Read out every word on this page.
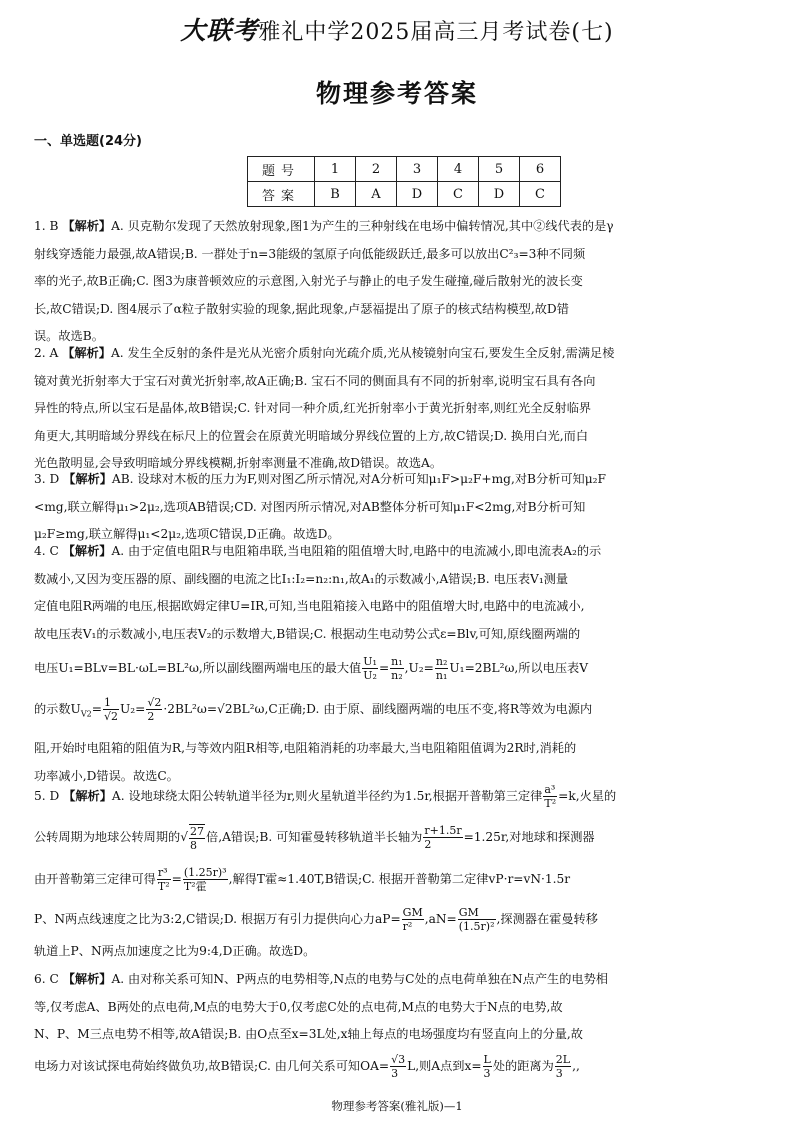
大联考雅礼中学2025届高三月考试卷(七)
物理参考答案
一、单选题(24分)
题号	1	2	3	4	5	6
答案	B	A	D	C	D	C

1. B 【解析】A. 贝克勒尔发现了天然放射现象,图1为产生的三种射线在电场中偏转情况,其中②线代表的是γ

射线穿透能力最强,故A错误;B. 一群处于n=3能级的氢原子向低能级跃迁,最多可以放出C²₃=3种不同频

率的光子,故B正确;C. 图3为康普顿效应的示意图,入射光子与静止的电子发生碰撞,碰后散射光的波长变

长,故C错误;D. 图4展示了α粒子散射实验的现象,据此现象,卢瑟福提出了原子的核式结构模型,故D错

误。故选B。

2. A 【解析】A. 发生全反射的条件是光从光密介质射向光疏介质,光从棱镜射向宝石,要发生全反射,需满足棱

镜对黄光折射率大于宝石对黄光折射率,故A正确;B. 宝石不同的侧面具有不同的折射率,说明宝石具有各向

异性的特点,所以宝石是晶体,故B错误;C. 针对同一种介质,红光折射率小于黄光折射率,则红光全反射临界

角更大,其明暗域分界线在标尺上的位置会在原黄光明暗域分界线位置的上方,故C错误;D. 换用白光,而白

光色散明显,会导致明暗域分界线模糊,折射率测量不准确,故D错误。故选A。

3. D 【解析】AB. 设球对木板的压力为F,则对图乙所示情况,对A分析可知μ₁F>μ₂F+mg,对B分析可知μ₂F

<mg,联立解得μ₁>2μ₂,选项AB错误;CD. 对图丙所示情况,对AB整体分析可知μ₁F<2mg,对B分析可知

μ₂F≥mg,联立解得μ₁<2μ₂,选项C错误,D正确。故选D。

4. C 【解析】A. 由于定值电阻R与电阻箱串联,当电阻箱的阻值增大时,电路中的电流减小,即电流表A₂的示

数减小,又因为变压器的原、副线圈的电流之比I₁:I₂=n₂:n₁,故A₁的示数减小,A错误;B. 电压表V₁测量

定值电阻R两端的电压,根据欧姆定律U=IR,可知,当电阻箱接入电路中的阻值增大时,电路中的电流减小,

故电压表V₁的示数减小,电压表V₂的示数增大,B错误;C. 根据动生电动势公式ε=Blv,可知,原线圈两端的

电压U₁=BLv=BL·ωL=BL²ω,所以副线圈两端电压的最大值 $\frac{\text{U₁}}{\text{U₂}} = \frac{\text{n₁}}{\text{n₂}} ,U_2= \frac{\text{n₂}}{\text{n₁}} U_1=2BL^2\omega$,所以电压表V

的示数$U_{V2}= \frac{1}{√2} U_2= \frac{√2}{2} \cdot 2BL^2\omega=√2BL^2\omega,C$正确;D. 由于原、副线圈两端的电压不变,将R等效为电源内

阻,开始时电阻箱的阻值为R,与等效内阻R相等,电阻箱消耗的功率最大,当电阻箱阻值调为2R时,消耗的

功率减小,D错误。故选C。

5. D 【解析】A. 设地球绕太阳公转轨道半径为r,则火星轨道半径约为1.5r,根据开普勒第三定律 $\frac{\text{a³}}{\text{T²}} =k$,火星的

公转周期为地球公转周期的√ $\frac{27}{8}$ 倍,A错误;B. 可知霍曼转移轨道半长轴为 $\frac{r+1.5r}{2} =1.25r$,对地球和探测器

由开普勒第三定律可得 $\frac{\text{r³}}{\text{T²}} = \frac{\text{(1.25r)³}}{\text{T²霍}}$ ,解得T霍≈1.40T,B错误;C. 根据开普勒第二定律vP·r=vN·1.5r

P、N两点线速度之比为3:2,C错误;D. 根据万有引力提供向心力$aP= \frac{GM}{\text{r²}} ,aN= \frac{GM}{\text{(1.5r)²}}$ ,探测器在霍曼转移

轨道上P、N两点加速度之比为9:4,D正确。故选D。

6. C 【解析】A. 由对称关系可知N、P两点的电势相等,N点的电势与C处的点电荷单独在N点产生的电势相

等,仅考虑A、B两处的点电荷,M点的电势大于0,仅考虑C处的点电荷,M点的电势大于N点的电势,故

N、P、M三点电势不相等,故A错误;B. 由O点至x=3L处,x轴上每点的电场强度均有竖直向上的分量,故

电场力对该试探电荷始终做负功,故B错误;C. 由几何关系可知$OA= \frac{√3}{3} L$,则A点到$x= \frac{L}{3}$ 处的距离为 $\frac{2L}{3}$ ,,

物理参考答案(雅礼版)—1
